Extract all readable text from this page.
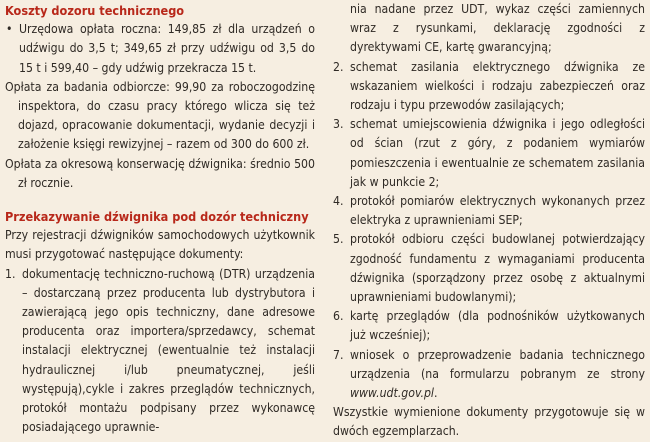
Koszty dozoru technicznego
• Urzędowa opłata roczna: 149,85 zł dla urządzeń o udźwigu do 3,5 t; 349,65 zł przy udźwigu od 3,5 do 15 t i 599,40 – gdy udźwig przekracza 15 t.

Opłata za badania odbiorcze: 99,90 za roboczogodzinę inspektora, do czasu pracy którego wlicza się też dojazd, opracowanie dokumentacji, wydanie decyzji i założenie księgi rewizyjnej – razem od 300 do 600 zł.

Opłata za okresową konserwację dźwignika: średnio 500 zł rocznie.

Przekazywanie dźwignika pod dozór techniczny

Przy rejestracji dźwigników samochodowych użytkownik musi przygotować następujące dokumenty:

1. dokumentację techniczno-ruchową (DTR) urządzenia – dostarczaną przez producenta lub dystrybutora i zawierającą jego opis techniczny, dane adresowe producenta oraz importera/sprzedawcy, schemat instalacji elektrycznej (ewentualnie też instalacji hydraulicznej i/lub pneumatycznej, jeśli występują),cykle i zakres przeglądów technicznych, protokół montażu podpisany przez wykonawcę posiadającego uprawnie-
nia nadane przez UDT, wykaz części zamiennych wraz z rysunkami, deklarację zgodności z dyrektywami CE, kartę gwarancyjną;
2. schemat zasilania elektrycznego dźwignika ze wskazaniem wielkości i rodzaju zabezpieczeń oraz rodzaju i typu przewodów zasilających;
3. schemat umiejscowienia dźwignika i jego odległości od ścian (rzut z góry, z podaniem wymiarów pomieszczenia i ewentualnie ze schematem zasilania jak w punkcie 2;
4. protokół pomiarów elektrycznych wykonanych przez elektryka z uprawnieniami SEP;
5. protokół odbioru części budowlanej potwierdzający zgodność fundamentu z wymaganiami producenta dźwignika (sporządzony przez osobę z aktualnymi uprawnieniami budowlanymi);
6. kartę przeglądów (dla podnośników użytkowanych już wcześniej);
7. wniosek o przeprowadzenie badania technicznego urządzenia (na formularzu pobranym ze strony www.udt.gov.pl.

Wszystkie wymienione dokumenty przygotowuje się w dwóch egzemplarzach.
